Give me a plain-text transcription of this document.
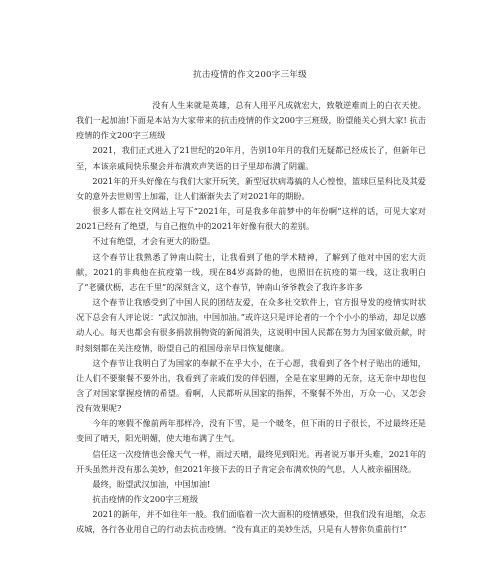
抗击疫情的作文200字三年级

没有人生来就是英雄，总有人用平凡成就宏大，致敬逆难而上的白衣天使。我们一起加油!下面是本站为大家带来的抗击疫情的作文200字三班级，盼望能关心到大家! 抗击疫情的作文200字三班级

2021，我们正式进入了21世纪的20年月，告别10年月的我们无疑都已经成长了，但新年已至，本该亲戚间快乐聚会并布满欢声笑语的日子里却布满了阴霾。

2021年的开头好像在与我们大家开玩笑，新型冠状病毒搞的人心惶惶，篮球巨星科比及其爱女的意外去世则雪上加霜，让人们渐渐失去了对2021年的期盼。

很多人都在社交网站上写下“2021年，可是我多年前梦中的年份啊”这样的话，可见大家对2021已经有了绝望，与自己抱负中的2021年好像有很大的差别。

不过有绝望，才会有更大的盼望。

这个春节让我熟悉了钟南山院士，让我看到了他的学术精神，了解到了他对中国的宏大贡献，2021的非典他在抗疫第一线，现在84岁高龄的他，也照旧在抗疫的第一线，这让我明白了“老骥伏枥，志在千里”的深刻含义，这个春节，钟南山爷爷教会了我许多许多

这个春节让我感受到了中国人民的团结友爱，在众多社交软件上，官方报导发的疫情实时状况下总会有人评论说：“武汉加油，中国加油。”或许这只是评论者的一个个小小的举动，却足以感动人心。每天也都会有很多捐款捐物资的新闻消失，这说明中国人民都在努力为国家做贡献，时时刻刻都在关注疫情，盼望自己的祖国母亲早日恢复健康。

这个春节让我明白了为国家的奉献不在乎大小，在于心愿，我看到了各个村子贴出的通知，让人们不要聚餐不要外出，我看到了亲戚们发的伴侣圈，全是在家里蹲的无奈，这无奈中却也包含了对国家掌握疫情的希望。看啊，人民都听从国家的指挥，不聚餐不外出，万众一心，又怎会没有效果呢?

今年的寒假不像前两年那样冷，没有下雪，是一个暖冬，但下雨的日子很长，不过最终还是变回了晴天，阳光明媚，使大地布满了生气。

信任这一次疫情也会像天气一样，雨过天晴，最终见到阳光。再者说万事开头难，2021年的开头虽然并没有那么美妙，但2021年接下去的日子肯定会布满欢快的气息，人人被亲福围绕。

最终，盼望武汉加油，中国加油!

抗击疫情的作文200字三班级

2021的新年，并不如往年一般。我们面临着一次大面积的疫情感染，但我们没有退缩，众志成城，各行各业用自己的行动去抗击疫情。“没有真正的美妙生活，只是有人替你负重前行!”
